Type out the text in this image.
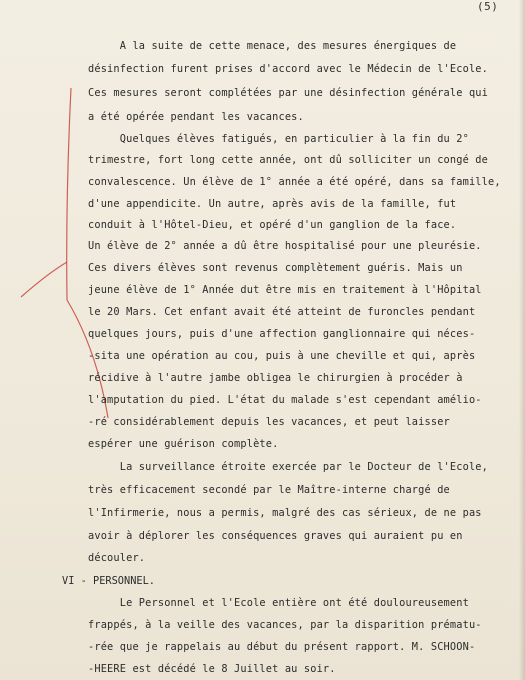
(5)
A la suite de cette menace, des mesures énergiques de
désinfection furent prises d'accord avec le Médecin de l'Ecole.
Ces mesures seront complétées par une désinfection générale qui
a été opérée pendant les vacances.
Quelques élèves fatigués, en particulier à la fin du 2°
trimestre, fort long cette année, ont dû solliciter un congé de
convalescence. Un élève de 1° année a été opéré, dans sa famille,
d'une appendicite. Un autre, après avis de la famille, fut
conduit à l'Hôtel-Dieu, et opéré d'un ganglion de la face.
Un élève de 2° année a dû être hospitalisé pour une pleurésie.
Ces divers élèves sont revenus complètement guéris. Mais un
jeune élève de 1° Année dut être mis en traitement à l'Hôpital
le 20 Mars. Cet enfant avait été atteint de furoncles pendant
quelques jours, puis d'une affection ganglionnaire qui néces-
-sita une opération au cou, puis à une cheville et qui, après
récidive à l'autre jambe obligea le chirurgien à procéder à
l'amputation du pied. L'état du malade s'est cependant amélio-
-ré considérablement depuis les vacances, et peut laisser
espérer une guérison complète.
La surveillance étroite exercée par le Docteur de l'Ecole,
très efficacement secondé par le Maître-interne chargé de
l'Infirmerie, nous a permis, malgré des cas sérieux, de ne pas
avoir à déplorer les conséquences graves qui auraient pu en
découler.
VI - PERSONNEL.
Le Personnel et l'Ecole entière ont été douloureusement
frappés, à la veille des vacances, par la disparition prématu-
-rée que je rappelais au début du présent rapport. M. SCHOON-
-HEERE est décédé le 8 Juillet au soir.
